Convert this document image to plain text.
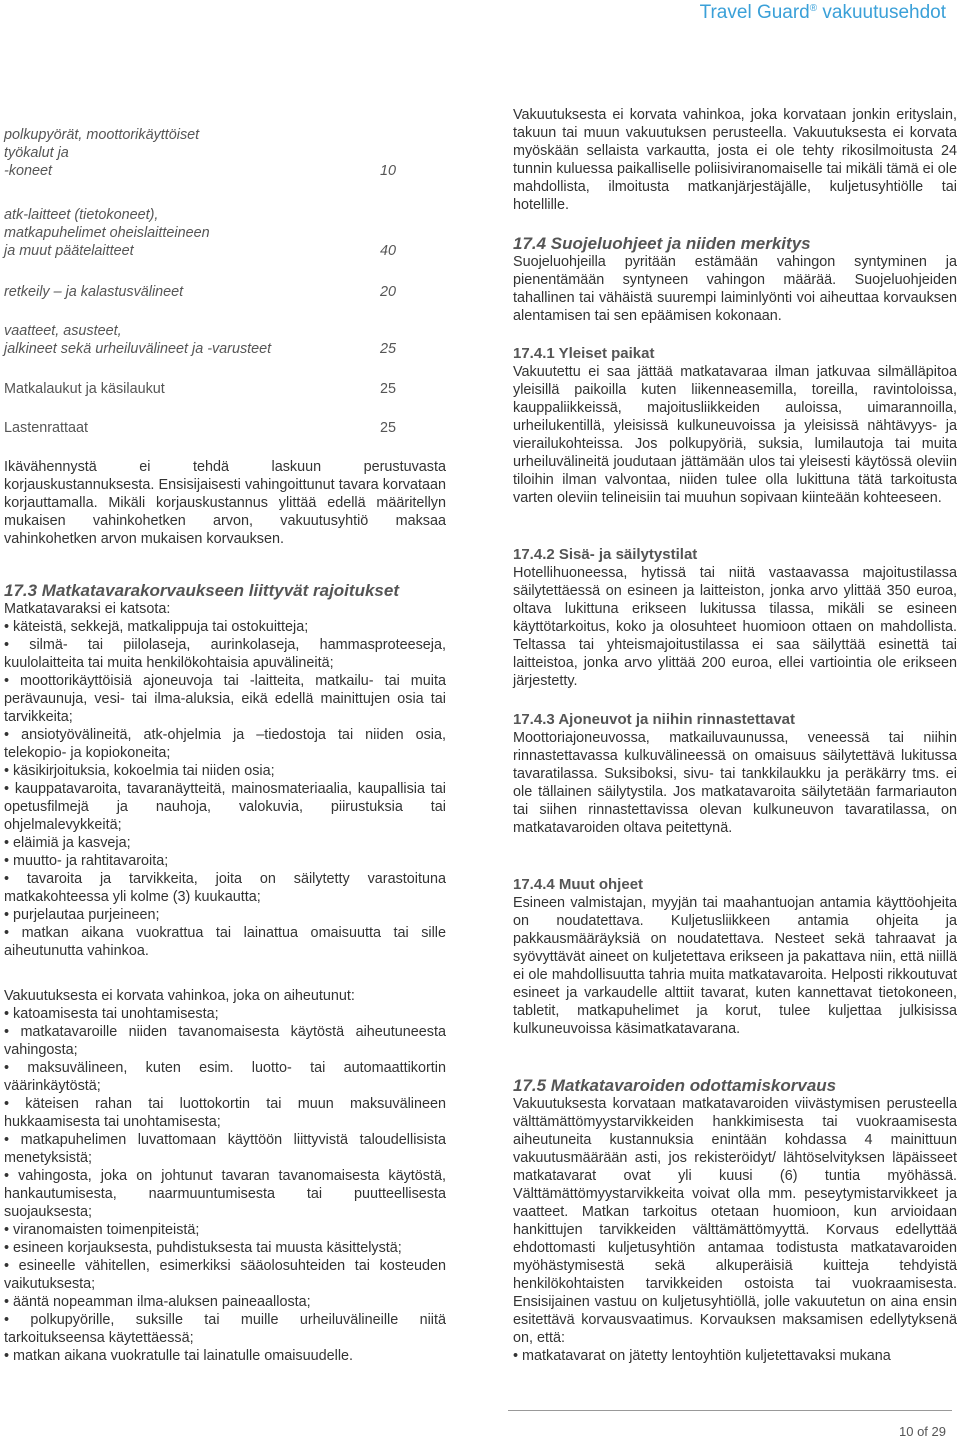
Travel Guard® vakuutusehdot
polkupyörät, moottorikäyttöiset
työkalut ja
-koneet	10
atk-laitteet (tietokoneet),
matkapuhelimet oheislaitteineen
ja muut päätelaitteet	40
retkeily – ja kalastusvälineet	20
vaatteet, asusteet,
jalkineet sekä urheiluvälineet ja -varusteet	25
Matkalaukut ja käsilaukut	25
Lastenrattaat	25

Ikävähennystä ei tehdä laskuun perustuvasta korjauskustannuksesta. Ensisijaisesti vahingoittunut tavara korvataan korjauttamalla. Mikäli korjauskustannus ylittää edellä määritellyn mukaisen vahinkohetken arvon, vakuutusyhtiö maksaa vahinkohetken arvon mukaisen korvauksen.

17.3 Matkatavarakorvaukseen liittyvät rajoitukset

Matkatavaraksi ei katsota:

• käteistä, sekkejä, matkalippuja tai ostokuitteja;
• silmä- tai piilolaseja, aurinkolaseja, hammasproteeseja, kuulolaitteita tai muita henkilökohtaisia apuvälineitä;
• moottorikäyttöisiä ajoneuvoja tai -laitteita, matkailu- tai muita perävaunuja, vesi- tai ilma-aluksia, eikä edellä mainittujen osia tai tarvikkeita;
• ansiotyövälineitä, atk-ohjelmia ja –tiedostoja tai niiden osia, telekopio- ja kopiokoneita;
• käsikirjoituksia, kokoelmia tai niiden osia;
• kauppatavaroita, tavaranäytteitä, mainosmateriaalia, kaupallisia tai opetusfilmejä ja nauhoja, valokuvia, piirustuksia tai ohjelmalevykkeitä;
• eläimiä ja kasveja;
• muutto- ja rahtitavaroita;
• tavaroita ja tarvikkeita, joita on säilytetty varastoituna matkakohteessa yli kolme (3) kuukautta;
• purjelautaa purjeineen;
• matkan aikana vuokrattua tai lainattua omaisuutta tai sille aiheutunutta vahinkoa.

Vakuutuksesta ei korvata vahinkoa, joka on aiheutunut:

• katoamisesta tai unohtamisesta;
• matkatavaroille niiden tavanomaisesta käytöstä aiheutuneesta vahingosta;
• maksuvälineen, kuten esim. luotto- tai automaattikortin väärinkäytöstä;
• käteisen rahan tai luottokortin tai muun maksuvälineen hukkaamisesta tai unohtamisesta;
• matkapuhelimen luvattomaan käyttöön liittyvistä taloudellisista menetyksistä;
• vahingosta, joka on johtunut tavaran tavanomaisesta käytöstä, hankautumisesta, naarmuuntumisesta tai puutteellisesta suojauksesta;
• viranomaisten toimenpiteistä;
• esineen korjauksesta, puhdistuksesta tai muusta käsittelystä;
• esineelle vähitellen, esimerkiksi sääolosuhteiden tai kosteuden vaikutuksesta;
• ääntä nopeamman ilma-aluksen paineaallosta;
• polkupyörille, suksille tai muille urheiluvälineille niitä tarkoitukseensa käytettäessä;
• matkan aikana vuokratulle tai lainatulle omaisuudelle.

Vakuutuksesta ei korvata vahinkoa, joka korvataan jonkin erityslain, takuun tai muun vakuutuksen perusteella. Vakuutuksesta ei korvata myöskään sellaista varkautta, josta ei ole tehty rikosilmoitusta 24 tunnin kuluessa paikalliselle poliisiviranomaiselle tai mikäli tämä ei ole mahdollista, ilmoitusta matkanjärjestäjälle, kuljetusyhtiölle tai hotellille.

17.4 Suojeluohjeet ja niiden merkitys

Suojeluohjeilla pyritään estämään vahingon syntyminen ja pienentämään syntyneen vahingon määrää. Suojeluohjeiden tahallinen tai vähäistä suurempi laiminlyönti voi aiheuttaa korvauksen alentamisen tai sen epäämisen kokonaan.

17.4.1 Yleiset paikat

Vakuutettu ei saa jättää matkatavaraa ilman jatkuvaa silmälläpitoa yleisillä paikoilla kuten liikenneasemilla, toreilla, ravintoloissa, kauppaliikkeissä, majoitusliikkeiden auloissa, uimarannoilla, urheilukentillä, yleisissä kulkuneuvoissa ja yleisissä nähtävyys- ja vierailukohteissa. Jos polkupyöriä, suksia, lumilautoja tai muita urheiluvälineitä joudutaan jättämään ulos tai yleisesti käytössä oleviin tiloihin ilman valvontaa, niiden tulee olla lukittuna tätä tarkoitusta varten oleviin telineisiin tai muuhun sopivaan kiinteään kohteeseen.

17.4.2 Sisä- ja säilytystilat

Hotellihuoneessa, hytissä tai niitä vastaavassa majoitustilassa säilytettäessä on esineen ja laitteiston, jonka arvo ylittää 350 euroa, oltava lukittuna erikseen lukitussa tilassa, mikäli se esineen käyttötarkoitus, koko ja olosuhteet huomioon ottaen on mahdollista. Teltassa tai yhteismajoitustilassa ei saa säilyttää esinettä tai laitteistoa, jonka arvo ylittää 200 euroa, ellei vartiointia ole erikseen järjestetty.

17.4.3 Ajoneuvot ja niihin rinnastettavat

Moottoriajoneuvossa, matkailuvaunussa, veneessä tai niihin rinnastettavassa kulkuvälineessä on omaisuus säilytettävä lukitussa tavaratilassa. Suksiboksi, sivu- tai tankkilaukku ja peräkärry tms. ei ole tällainen säilytystila. Jos matkatavaroita säilytetään farmariauton tai siihen rinnastettavissa olevan kulkuneuvon tavaratilassa, on matkatavaroiden oltava peitettynä.

17.4.4 Muut ohjeet

Esineen valmistajan, myyjän tai maahantuojan antamia käyttöohjeita on noudatettava. Kuljetusliikkeen antamia ohjeita ja pakkausmääräyksiä on noudatettava. Nesteet sekä tahraavat ja syövyttävät aineet on kuljetettava erikseen ja pakattava niin, että niillä ei ole mahdollisuutta tahria muita matkatavaroita. Helposti rikkoutuvat esineet ja varkaudelle alttiit tavarat, kuten kannettavat tietokoneen, tabletit, matkapuhelimet ja korut, tulee kuljettaa julkisissa kulkuneuvoissa käsimatkatavarana.

17.5 Matkatavaroiden odottamiskorvaus

Vakuutuksesta korvataan matkatavaroiden viivästymisen perusteella välttämättömyystarvikkeiden hankkimisesta tai vuokraamisesta aiheutuneita kustannuksia enintään kohdassa 4 mainittuun vakuutusmäärään asti, jos rekisteröidyt/ lähtöselvityksen läpäisseet matkatavarat ovat yli kuusi (6) tuntia myöhässä. Välttämättömyystarvikkeita voivat olla mm. peseytymistarvikkeet ja vaatteet. Matkan tarkoitus otetaan huomioon, kun arvioidaan hankittujen tarvikkeiden välttämättömyyttä. Korvaus edellyttää ehdottomasti kuljetusyhtiön antamaa todistusta matkatavaroiden myöhästymisestä sekä alkuperäisiä kuitteja tehdyistä henkilökohtaisten tarvikkeiden ostoista tai vuokraamisesta. Ensisijainen vastuu on kuljetusyhtiöllä, jolle vakuutetun on aina ensin esitettävä korvausvaatimus. Korvauksen maksamisen edellytyksenä on, että:

• matkatavarat on jätetty lentoyhtiön kuljetettavaksi mukana
10 of 29
